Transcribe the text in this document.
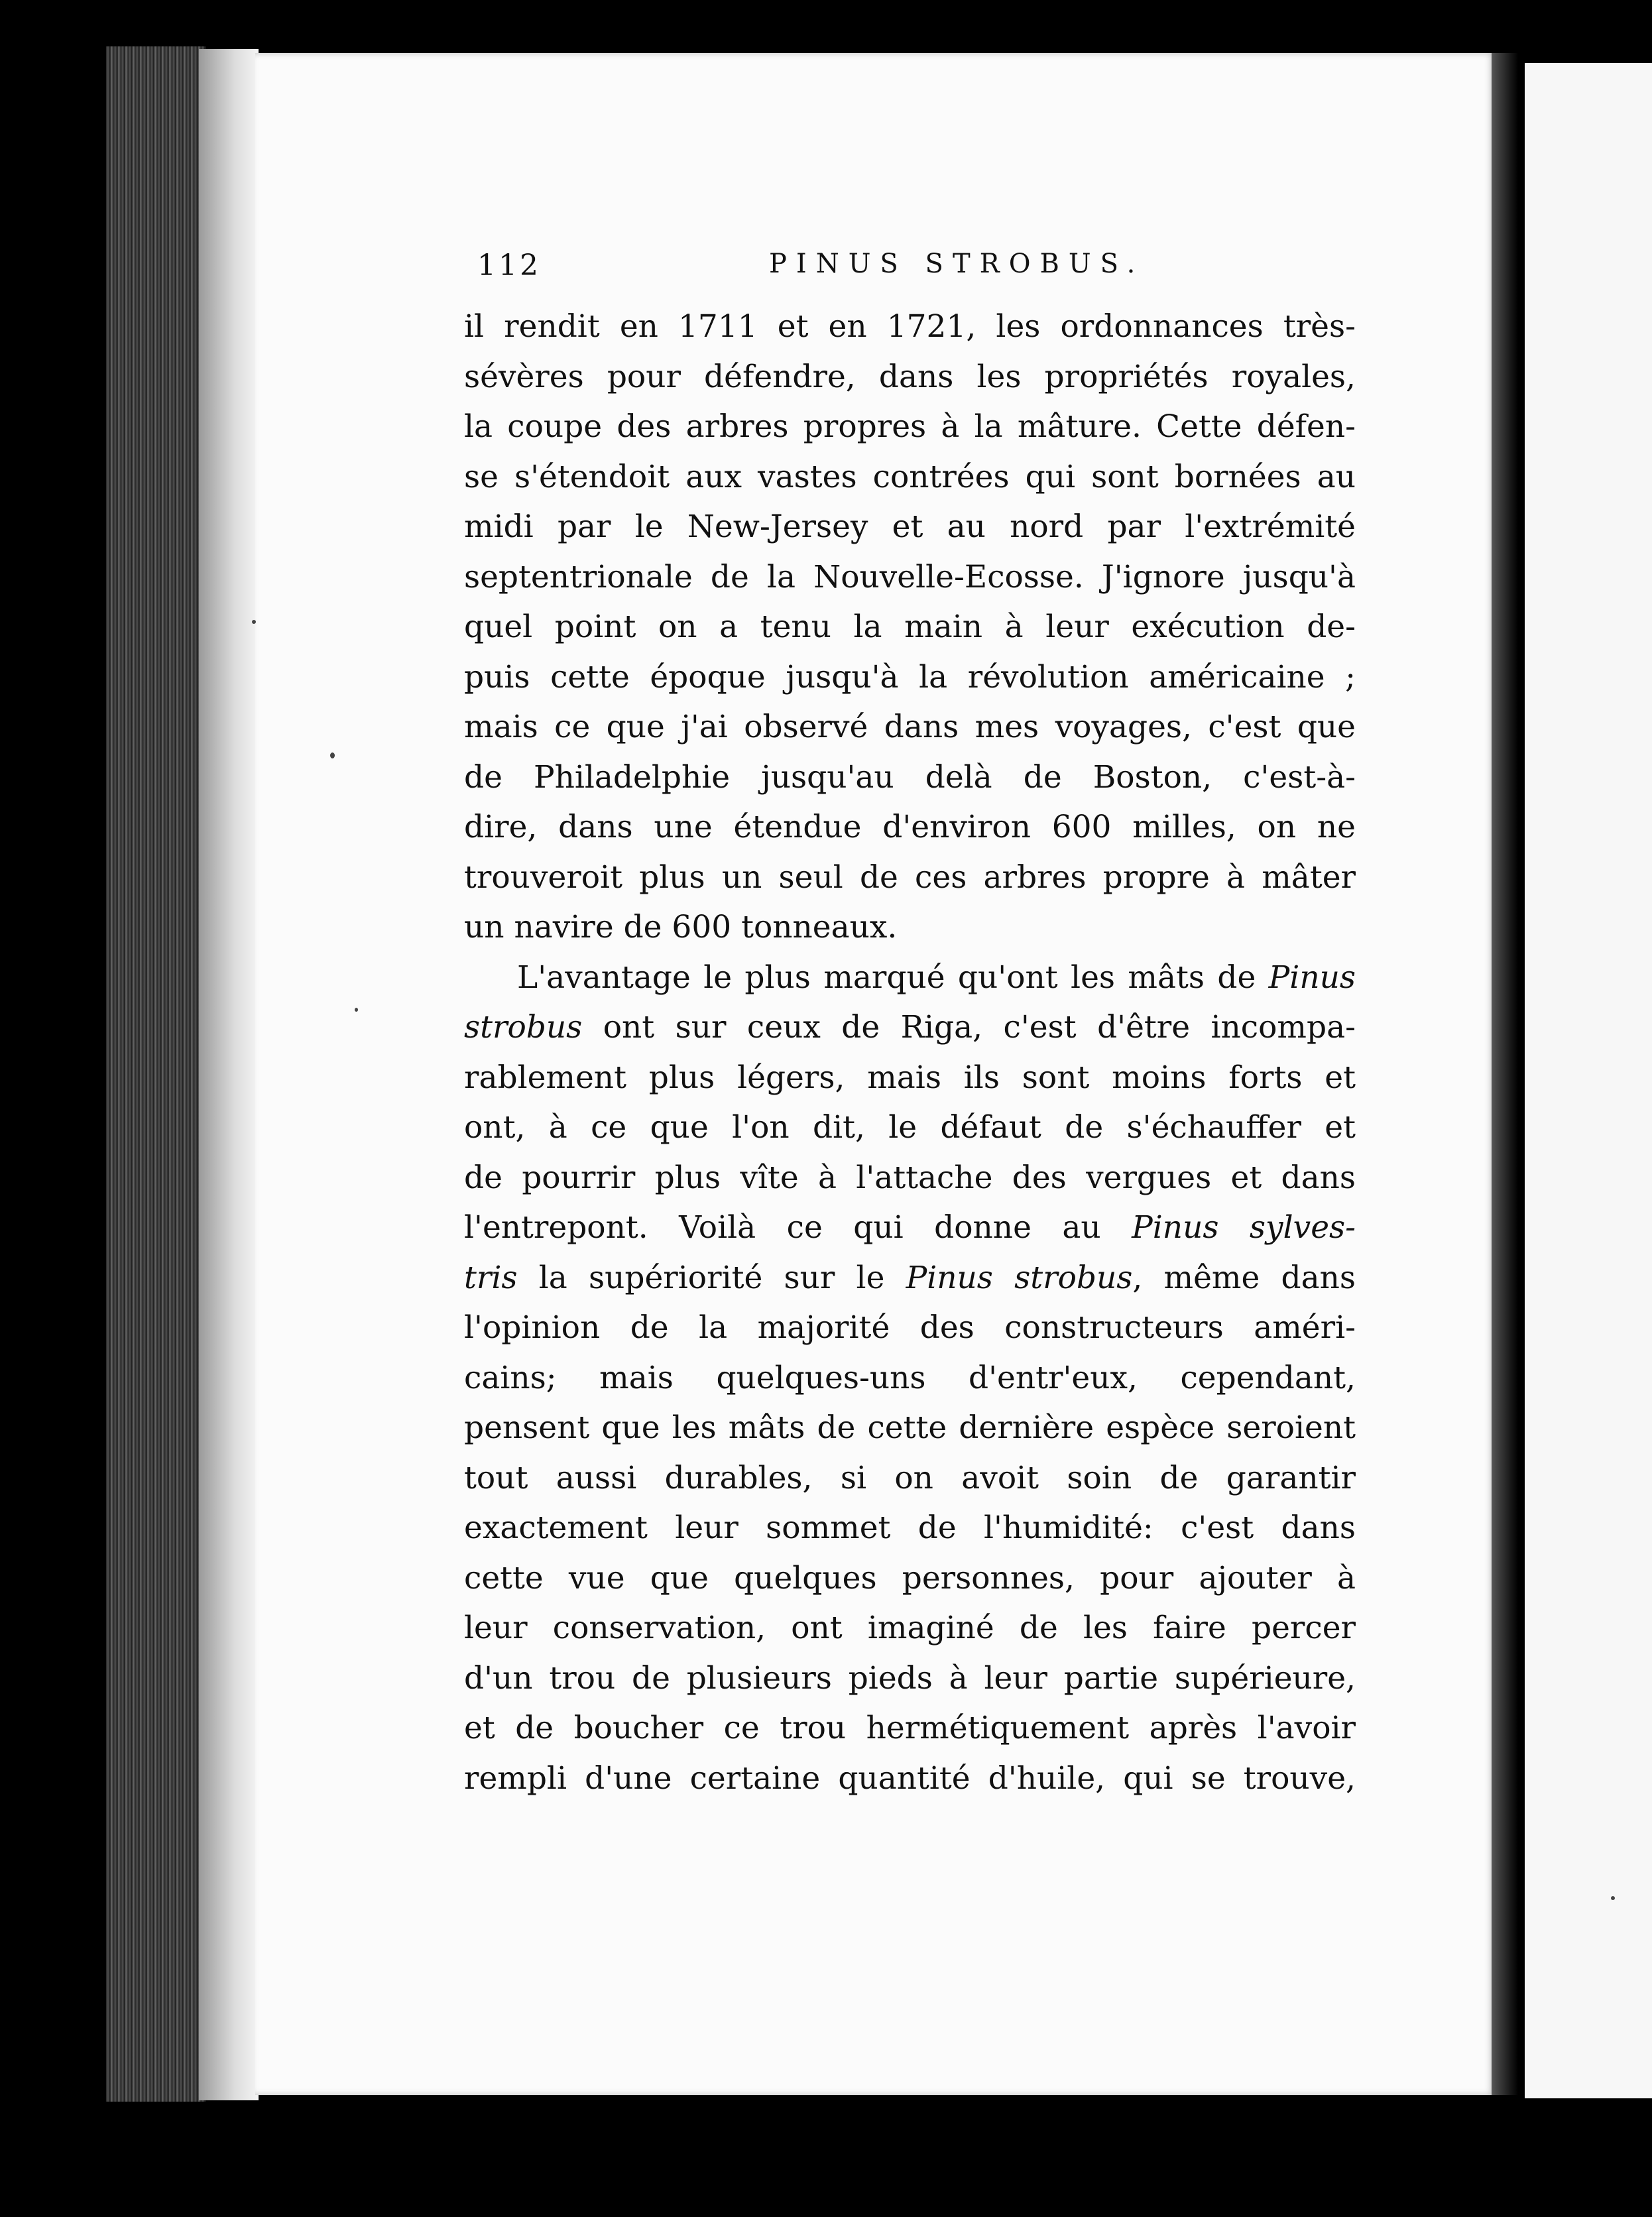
112	PINUS STROBUS.
il rendit en 1711 et en 1721, les ordonnances très-
sévères pour défendre, dans les propriétés royales,
la coupe des arbres propres à la mâture. Cette défen-
se s'étendoit aux vastes contrées qui sont bornées au
midi par le New-Jersey et au nord par l'extrémité
septentrionale de la Nouvelle-Ecosse. J'ignore jusqu'à
quel point on a tenu la main à leur exécution de-
puis cette époque jusqu'à la révolution américaine ;
mais ce que j'ai observé dans mes voyages, c'est que
de Philadelphie jusqu'au delà de Boston, c'est-à-
dire, dans une étendue d'environ 600 milles, on ne
trouveroit plus un seul de ces arbres propre à mâter
un navire de 600 tonneaux.
L'avantage le plus marqué qu'ont les mâts de Pinus
strobus ont sur ceux de Riga, c'est d'être incompa-
rablement plus légers, mais ils sont moins forts et
ont, à ce que l'on dit, le défaut de s'échauffer et
de pourrir plus vîte à l'attache des vergues et dans
l'entrepont. Voilà ce qui donne au Pinus sylves-
tris la supériorité sur le Pinus strobus, même dans
l'opinion de la majorité des constructeurs améri-
cains; mais quelques-uns d'entr'eux, cependant,
pensent que les mâts de cette dernière espèce seroient
tout aussi durables, si on avoit soin de garantir
exactement leur sommet de l'humidité: c'est dans
cette vue que quelques personnes, pour ajouter à
leur conservation, ont imaginé de les faire percer
d'un trou de plusieurs pieds à leur partie supérieure,
et de boucher ce trou hermétiquement après l'avoir
rempli d'une certaine quantité d'huile, qui se trouve,
